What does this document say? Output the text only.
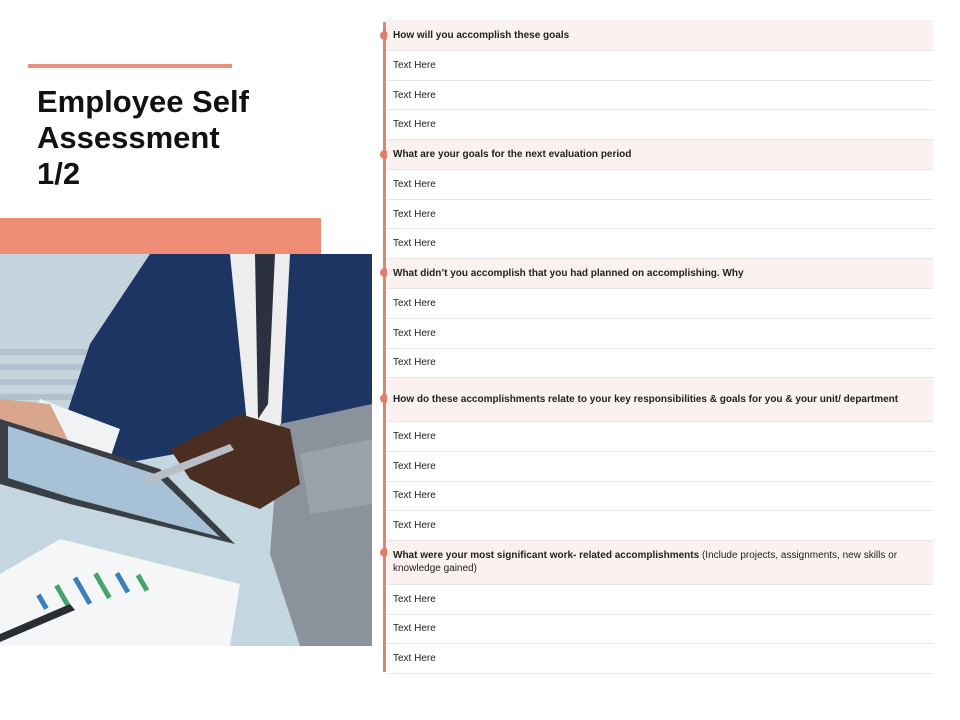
Employee Self
Assessment
1/2
How will you accomplish these goals
Text Here
Text Here
Text Here
What are your goals for the next evaluation period
Text Here
Text Here
Text Here
What didn’t you accomplish that you had planned on accomplishing. Why
Text Here
Text Here
Text Here
How do these accomplishments relate to your key responsibilities & goals for you & your unit/ department
Text Here
Text Here
Text Here
Text Here
What were your most significant work- related accomplishments (Include projects, assignments, new skills or knowledge gained)
Text Here
Text Here
Text Here
